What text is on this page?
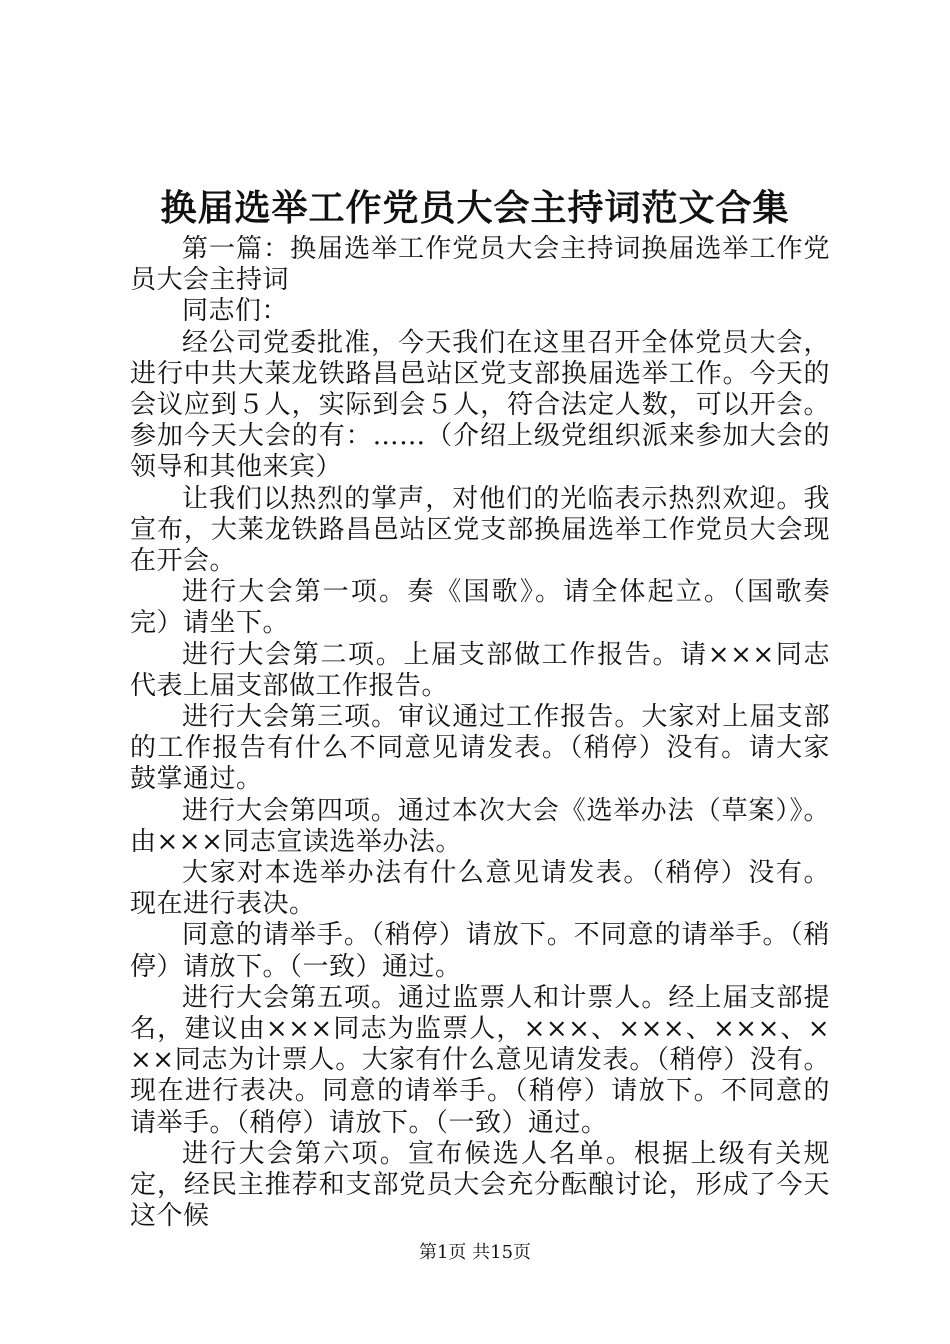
换届选举工作党员大会主持词范文合集

第一篇：换届选举工作党员大会主持词换届选举工作党员大会主持词

同志们：

经公司党委批准，今天我们在这里召开全体党员大会，进行中共大莱龙铁路昌邑站区党支部换届选举工作。今天的会议应到５人，实际到会５人，符合法定人数，可以开会。参加今天大会的有：……（介绍上级党组织派来参加大会的领导和其他来宾）

让我们以热烈的掌声，对他们的光临表示热烈欢迎。我宣布，大莱龙铁路昌邑站区党支部换届选举工作党员大会现在开会。

进行大会第一项。奏《国歌》。请全体起立。（国歌奏完）请坐下。

进行大会第二项。上届支部做工作报告。请×××同志代表上届支部做工作报告。

进行大会第三项。审议通过工作报告。大家对上届支部的工作报告有什么不同意见请发表。（稍停）没有。请大家鼓掌通过。

进行大会第四项。通过本次大会《选举办法（草案）》。由×××同志宣读选举办法。

大家对本选举办法有什么意见请发表。（稍停）没有。现在进行表决。

同意的请举手。（稍停）请放下。不同意的请举手。（稍停）请放下。（一致）通过。

进行大会第五项。通过监票人和计票人。经上届支部提名，建议由×××同志为监票人，×××、×××、×××、×××同志为计票人。大家有什么意见请发表。（稍停）没有。现在进行表决。同意的请举手。（稍停）请放下。不同意的请举手。（稍停）请放下。（一致）通过。

进行大会第六项。宣布候选人名单。根据上级有关规定，经民主推荐和支部党员大会充分酝酿讨论，形成了今天这个候

第1页 共15页
